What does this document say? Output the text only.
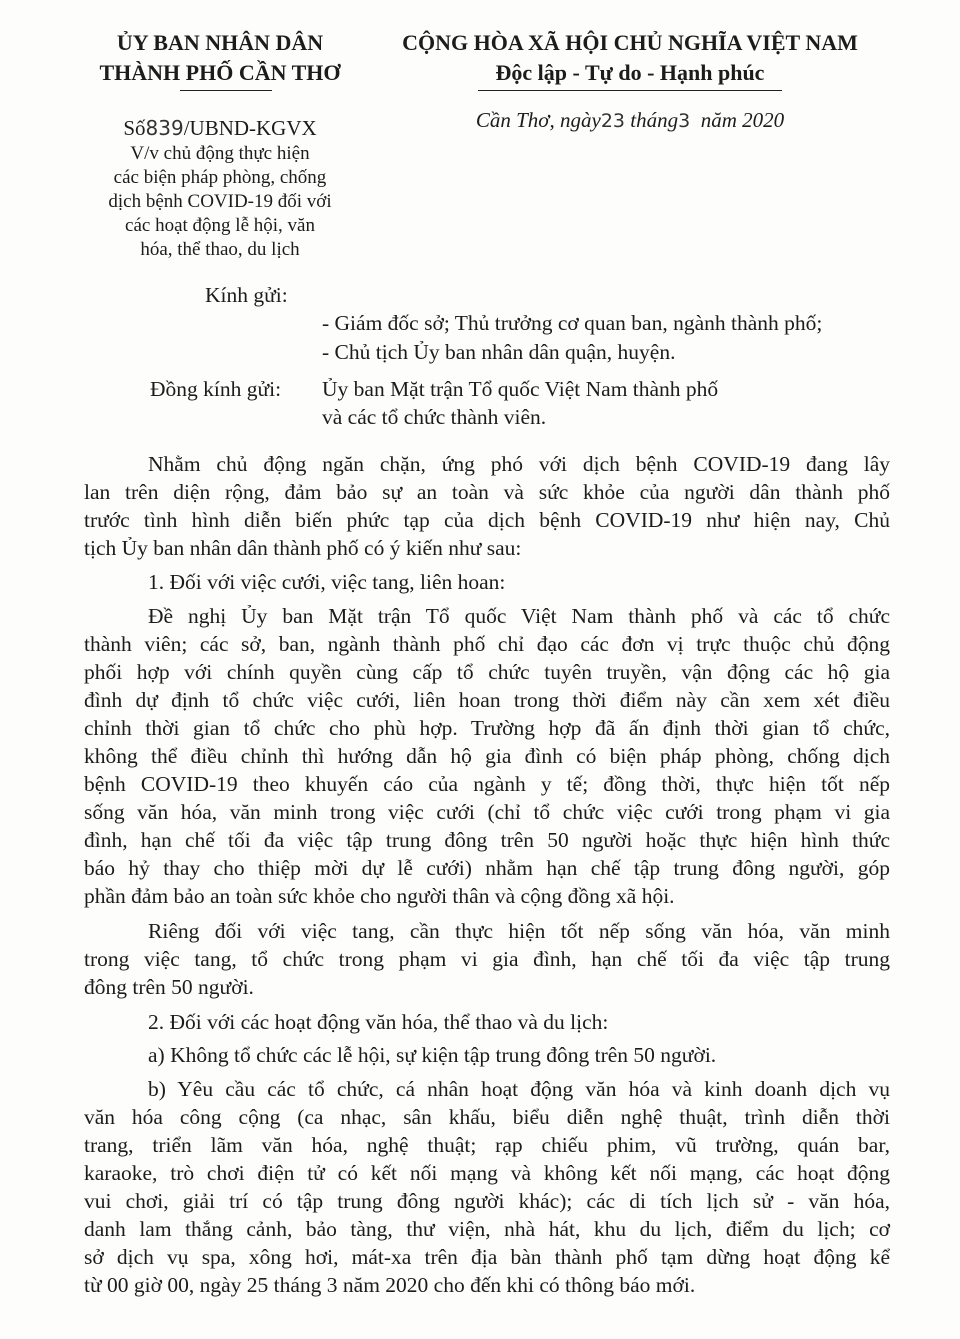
ỦY BAN NHÂN DÂN
THÀNH PHỐ CẦN THƠ
CỘNG HÒA XÃ HỘI CHỦ NGHĨA VIỆT NAM
Độc lập - Tự do - Hạnh phúc
Số839/UBND-KGVX
V/v chủ động thực hiện
các biện pháp phòng, chống
dịch bệnh COVID-19 đối với
các hoạt động lễ hội, văn
hóa, thể thao, du lịch
Cần Thơ, ngày23 tháng3 năm 2020
Kính gửi:
- Giám đốc sở; Thủ trưởng cơ quan ban, ngành thành phố;
- Chủ tịch Ủy ban nhân dân quận, huyện.
Đồng kính gửi: Ủy ban Mặt trận Tổ quốc Việt Nam thành phố
và các tổ chức thành viên.
Nhằm chủ động ngăn chặn, ứng phó với dịch bệnh COVID-19 đang lây
lan trên diện rộng, đảm bảo sự an toàn và sức khỏe của người dân thành phố
trước tình hình diễn biến phức tạp của dịch bệnh COVID-19 như hiện nay, Chủ
tịch Ủy ban nhân dân thành phố có ý kiến như sau:
1. Đối với việc cưới, việc tang, liên hoan:
Đề nghị Ủy ban Mặt trận Tổ quốc Việt Nam thành phố và các tổ chức
thành viên; các sở, ban, ngành thành phố chỉ đạo các đơn vị trực thuộc chủ động
phối hợp với chính quyền cùng cấp tổ chức tuyên truyền, vận động các hộ gia
đình dự định tổ chức việc cưới, liên hoan trong thời điểm này cần xem xét điều
chỉnh thời gian tổ chức cho phù hợp. Trường hợp đã ấn định thời gian tổ chức,
không thể điều chỉnh thì hướng dẫn hộ gia đình có biện pháp phòng, chống dịch
bệnh COVID-19 theo khuyến cáo của ngành y tế; đồng thời, thực hiện tốt nếp
sống văn hóa, văn minh trong việc cưới (chỉ tổ chức việc cưới trong phạm vi gia
đình, hạn chế tối đa việc tập trung đông trên 50 người hoặc thực hiện hình thức
báo hỷ thay cho thiệp mời dự lễ cưới) nhằm hạn chế tập trung đông người, góp
phần đảm bảo an toàn sức khỏe cho người thân và cộng đồng xã hội.
Riêng đối với việc tang, cần thực hiện tốt nếp sống văn hóa, văn minh
trong việc tang, tổ chức trong phạm vi gia đình, hạn chế tối đa việc tập trung
đông trên 50 người.
2. Đối với các hoạt động văn hóa, thể thao và du lịch:
a) Không tổ chức các lễ hội, sự kiện tập trung đông trên 50 người.
b) Yêu cầu các tổ chức, cá nhân hoạt động văn hóa và kinh doanh dịch vụ
văn hóa công cộng (ca nhạc, sân khấu, biểu diễn nghệ thuật, trình diễn thời
trang, triển lãm văn hóa, nghệ thuật; rạp chiếu phim, vũ trường, quán bar,
karaoke, trò chơi điện tử có kết nối mạng và không kết nối mạng, các hoạt động
vui chơi, giải trí có tập trung đông người khác); các di tích lịch sử - văn hóa,
danh lam thắng cảnh, bảo tàng, thư viện, nhà hát, khu du lịch, điểm du lịch; cơ
sở dịch vụ spa, xông hơi, mát-xa trên địa bàn thành phố tạm dừng hoạt động kể
từ 00 giờ 00, ngày 25 tháng 3 năm 2020 cho đến khi có thông báo mới.
